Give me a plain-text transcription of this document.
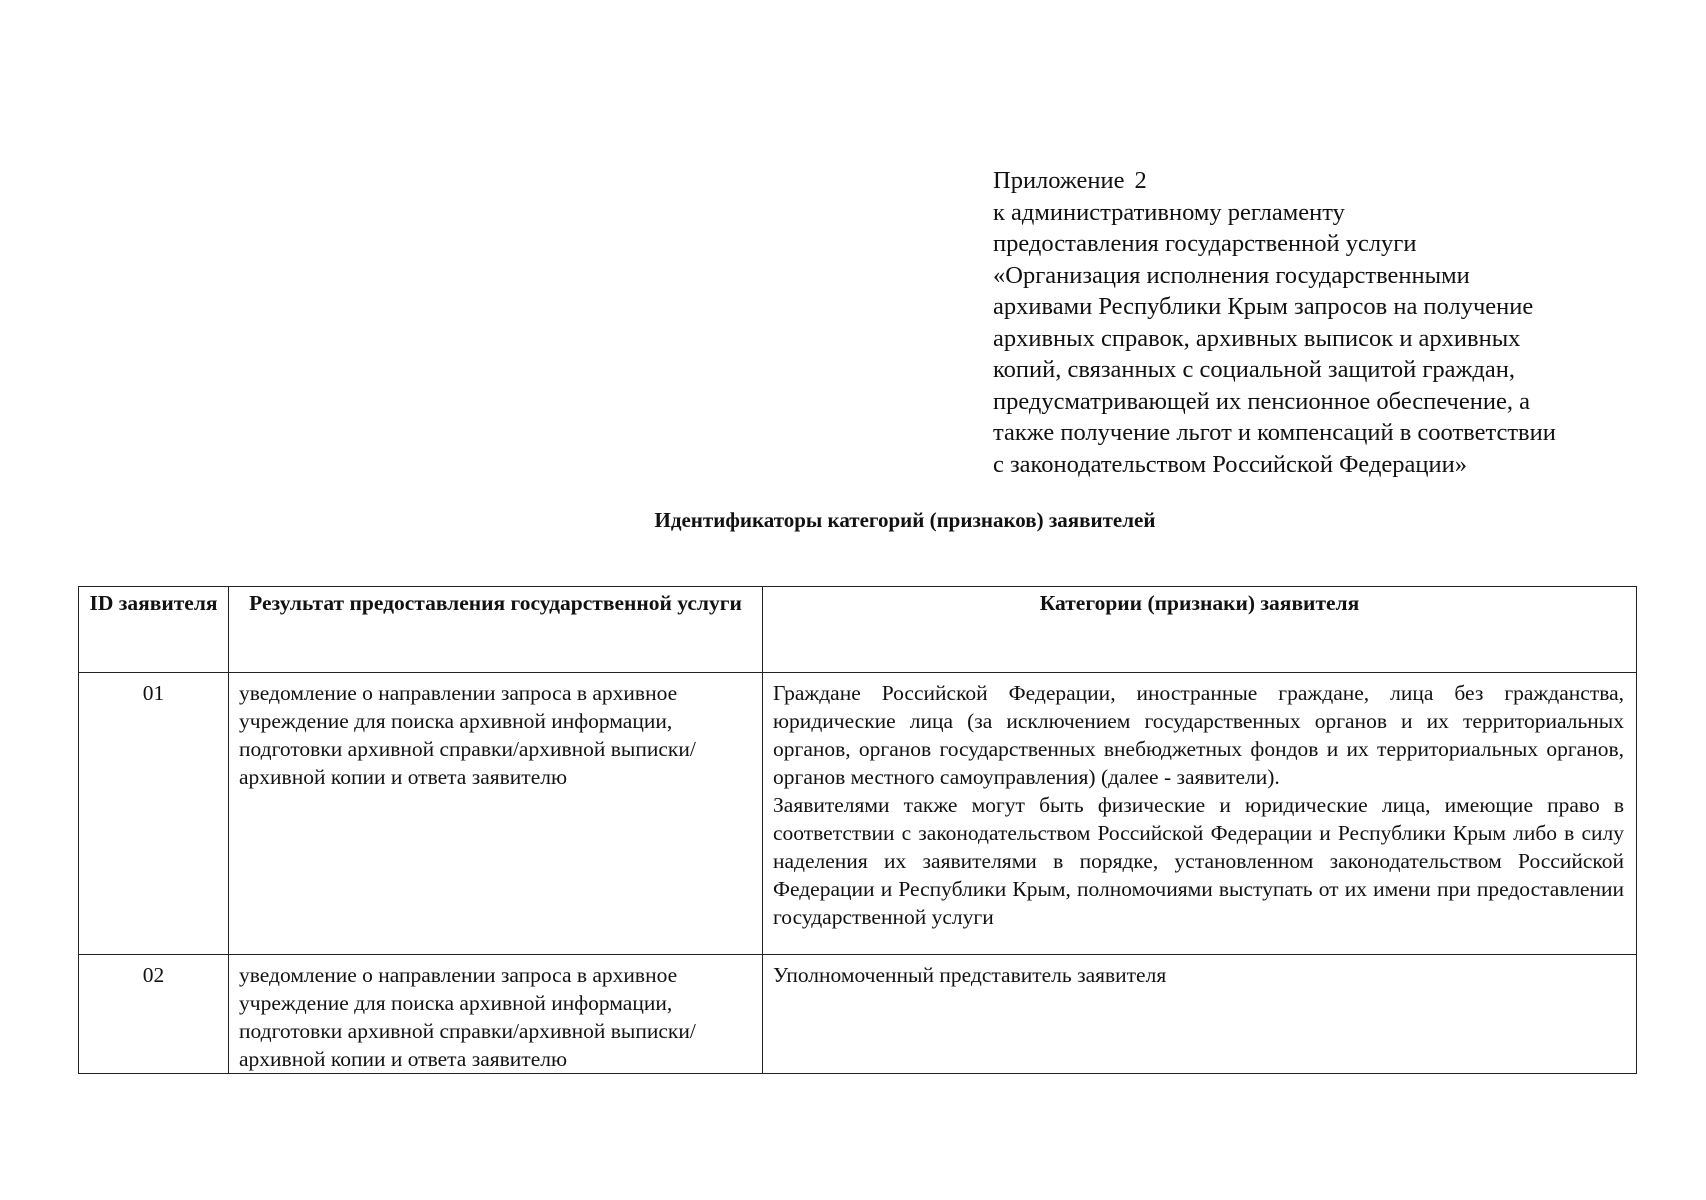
Приложение 2
к административному регламенту
предоставления государственной услуги
«Организация исполнения государственными
архивами Республики Крым запросов на получение
архивных справок, архивных выписок и архивных
копий, связанных с социальной защитой граждан,
предусматривающей их пенсионное обеспечение, а
также получение льгот и компенсаций в соответствии
с законодательством Российской Федерации»
Идентификаторы категорий (признаков) заявителей
ID заявителя	Результат предоставления государственной услуги	Категории (признаки) заявителя
01	уведомление о направлении запроса в архивное учреждение для поиска архивной информации, подготовки архивной справки/архивной выписки/архивной копии и ответа заявителю	Граждане Российской Федерации, иностранные граждане, лица без гражданства, юридические лица (за исключением государственных органов и их территориальных органов, органов государственных внебюджетных фондов и их территориальных органов, органов местного самоуправления) (далее - заявители).

Заявителями также могут быть физические и юридические лица, имеющие право в соответствии с законодательством Российской Федерации и Республики Крым либо в силу наделения их заявителями в порядке, установленном законодательством Российской Федерации и Республики Крым, полномочиями выступать от их имени при предоставлении государственной услуги

02	уведомление о направлении запроса в архивное учреждение для поиска архивной информации, подготовки архивной справки/архивной выписки/архивной копии и ответа заявителю	Уполномоченный представитель заявителя
